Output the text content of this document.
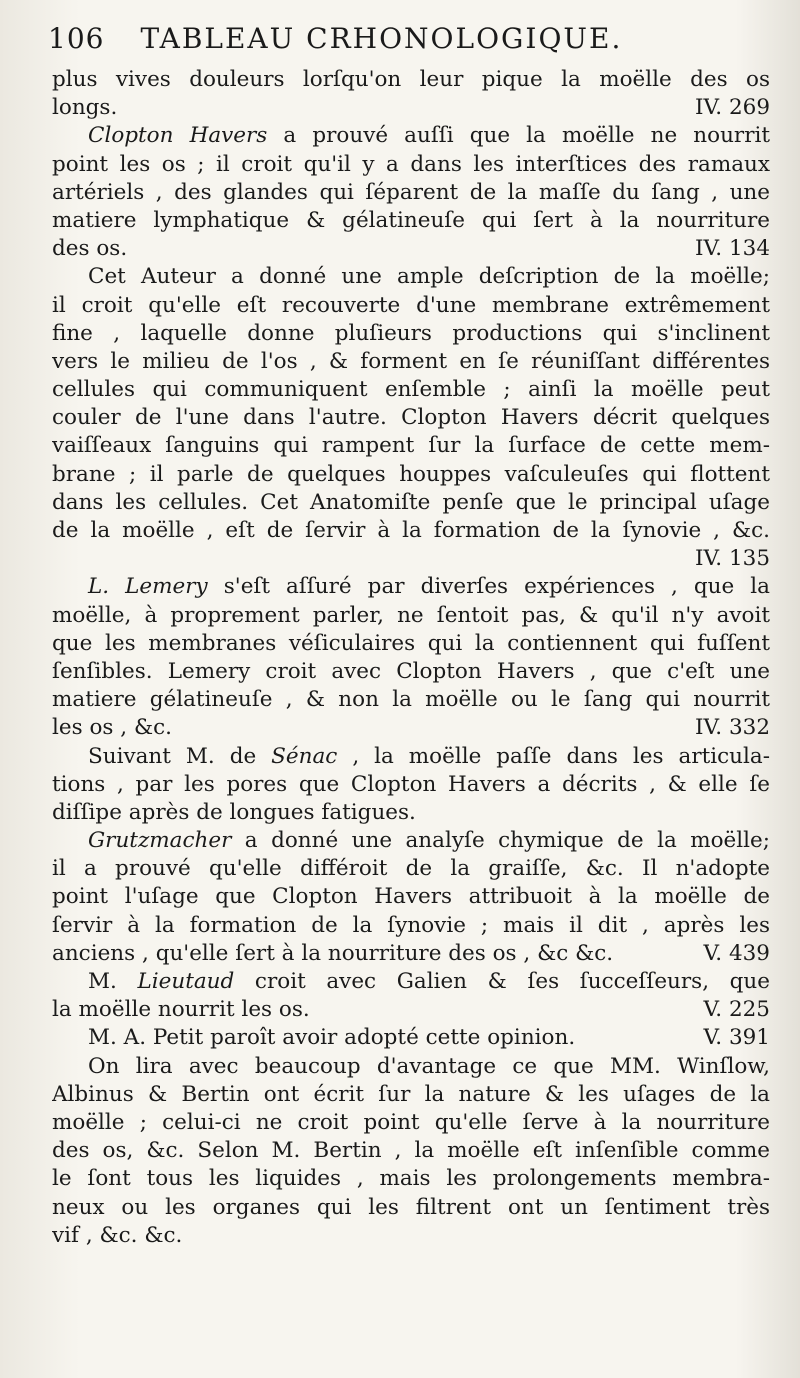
106 TABLEAU CRHONOLOGIQUE.
plus vives douleurs lorſqu'on leur pique la moëlle des os
longs.	IV. 269
Clopton Havers a prouvé auſſi que la moëlle ne nourrit
point les os ; il croit qu'il y a dans les interſtices des ramaux
artériels , des glandes qui ſéparent de la maſſe du ſang , une
matiere lymphatique & gélatineuſe qui ſert à la nourriture
des os.	IV. 134
Cet Auteur a donné une ample deſcription de la moëlle;
il croit qu'elle eſt recouverte d'une membrane extrêmement
fine , laquelle donne pluſieurs productions qui s'inclinent
vers le milieu de l'os , & forment en ſe réuniſſant différentes
cellules qui communiquent enſemble ; ainſi la moëlle peut
couler de l'une dans l'autre. Clopton Havers décrit quelques
vaiſſeaux ſanguins qui rampent ſur la ſurface de cette mem-
brane ; il parle de quelques houppes vaſculeuſes qui flottent
dans les cellules. Cet Anatomiſte penſe que le principal uſage
de la moëlle , eſt de ſervir à la formation de la ſynovie , &c.
IV. 135
L. Lemery s'eſt aſſuré par diverſes expériences , que la
moëlle, à proprement parler, ne ſentoit pas, & qu'il n'y avoit
que les membranes véſiculaires qui la contiennent qui fuſſent
ſenſibles. Lemery croit avec Clopton Havers , que c'eſt une
matiere gélatineuſe , & non la moëlle ou le ſang qui nourrit
les os , &c.	IV. 332
Suivant M. de Sénac , la moëlle paſſe dans les articula-
tions , par les pores que Clopton Havers a décrits , & elle ſe
diſſipe après de longues fatigues.
Grutzmacher a donné une analyſe chymique de la moëlle;
il a prouvé qu'elle différoit de la graiſſe, &c. Il n'adopte
point l'uſage que Clopton Havers attribuoit à la moëlle de
ſervir à la formation de la ſynovie ; mais il dit , après les
anciens , qu'elle ſert à la nourriture des os , &c &c.	V. 439
M. Lieutaud croit avec Galien & ſes ſucceſſeurs, que
la moëlle nourrit les os.	V. 225
M. A. Petit paroît avoir adopté cette opinion.	V. 391
On lira avec beaucoup d'avantage ce que MM. Winſlow,
Albinus & Bertin ont écrit ſur la nature & les uſages de la
moëlle ; celui-ci ne croit point qu'elle ſerve à la nourriture
des os, &c. Selon M. Bertin , la moëlle eſt inſenſible comme
le ſont tous les liquides , mais les prolongements membra-
neux ou les organes qui les filtrent ont un ſentiment très
vif , &c. &c.
